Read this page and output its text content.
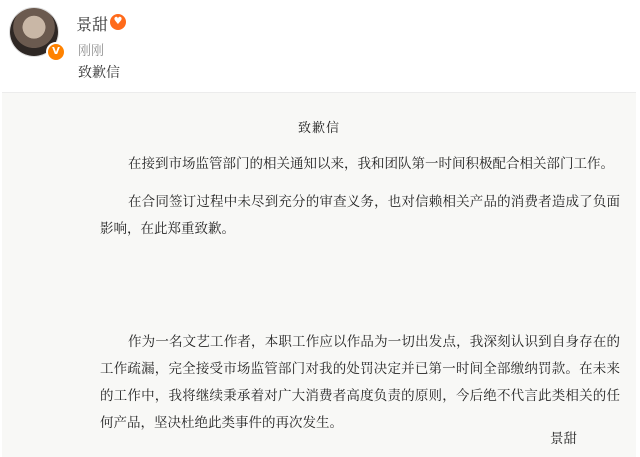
V
景甜 ♥
刚刚
致歉信
致歉信

在接到市场监管部门的相关通知以来，我和团队第一时间积极配合相关部门工作。

在合同签订过程中未尽到充分的审查义务，也对信赖相关产品的消费者造成了负面影响，在此郑重致歉。

作为一名文艺工作者，本职工作应以作品为一切出发点，我深刻认识到自身存在的工作疏漏，完全接受市场监管部门对我的处罚决定并已第一时间全部缴纳罚款。在未来的工作中，我将继续秉承着对广大消费者高度负责的原则，今后绝不代言此类相关的任何产品，坚决杜绝此类事件的再次发生。

景甜
